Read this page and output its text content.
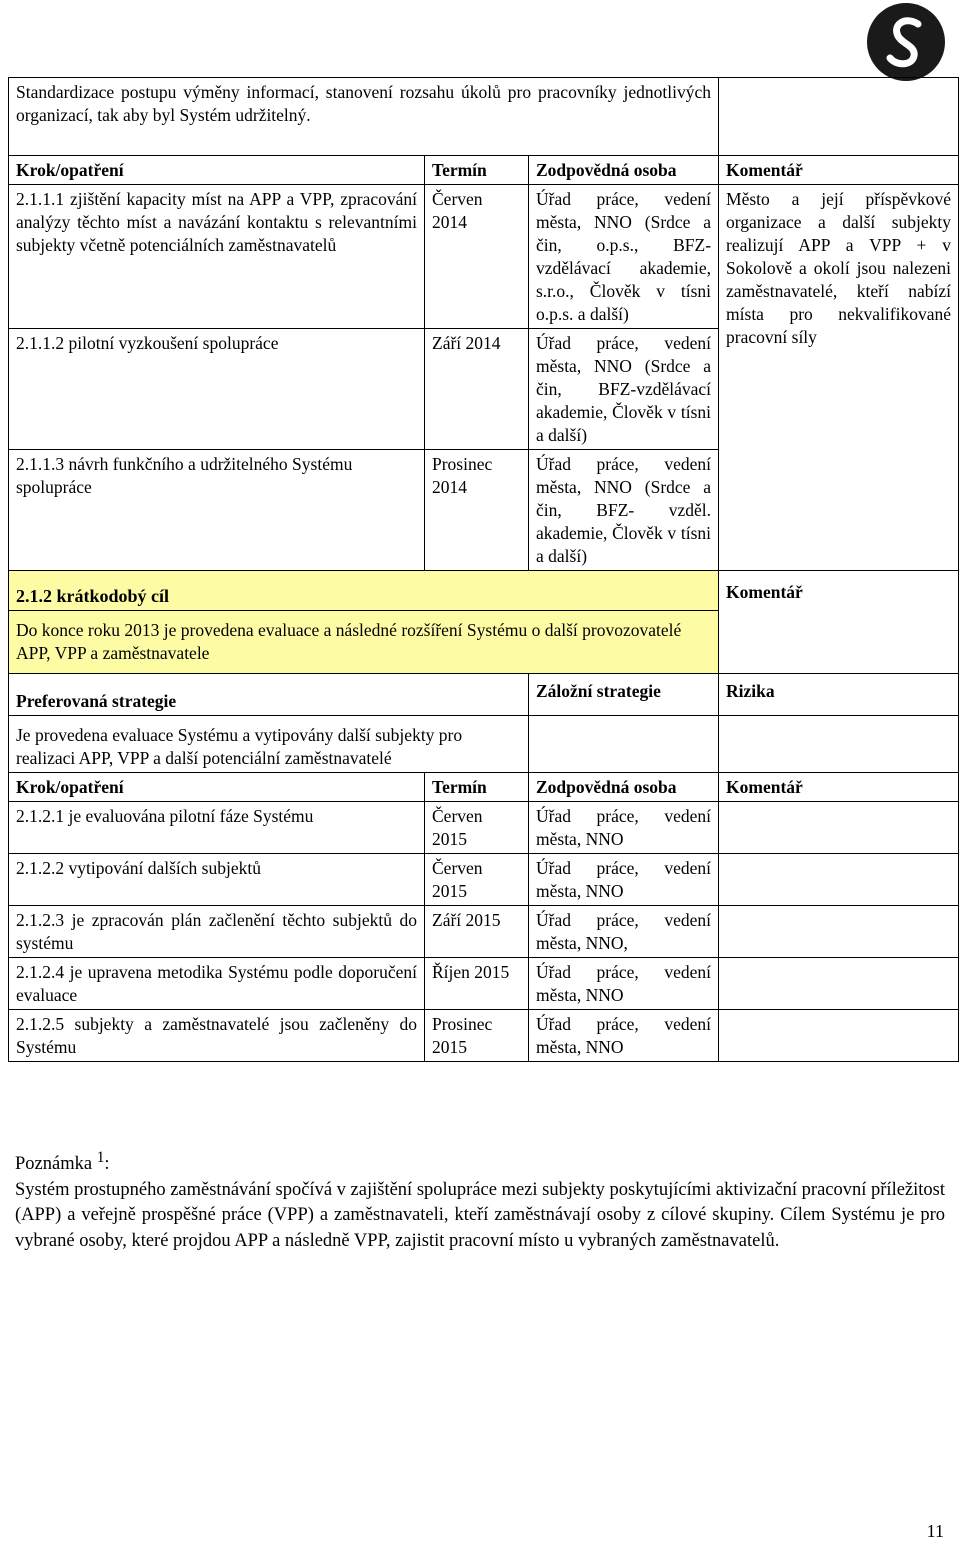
Standardizace postupu výměny informací, stanovení rozsahu úkolů pro pracovníky jednotlivých organizací, tak aby byl Systém udržitelný.			
Krok/opatření	Termín	Zodpovědná osoba	Komentář
2.1.1.1 zjištění kapacity míst na APP a VPP, zpracování analýzy těchto míst a navázání kontaktu s relevantními subjekty včetně potenciálních zaměstnavatelů	Červen 2014	Úřad práce, vedení města, NNO (Srdce a čin, o.p.s., BFZ-vzdělávací akademie, s.r.o., Člověk v tísni o.p.s. a další)	Město a její příspěvkové organizace a další subjekty realizují APP a VPP + v Sokolově a okolí jsou nalezeni zaměstnavatelé, kteří nabízí místa pro nekvalifikované pracovní síly
2.1.1.2 pilotní vyzkoušení spolupráce	Září 2014	Úřad práce, vedení města, NNO (Srdce a čin, BFZ-vzdělávací akademie, Člověk v tísni a další)	
2.1.1.3 návrh funkčního a udržitelného Systému spolupráce	Prosinec 2014	Úřad práce, vedení města, NNO (Srdce a čin, BFZ- vzděl. akademie, Člověk v tísni a další)	
2.1.2 krátkodobý cíl			Komentář
Do konce roku 2013 je provedena evaluace a následné rozšíření Systému o další provozovatelé APP, VPP a zaměstnavatele			
Preferovaná strategie		Záložní strategie	Rizika
Je provedena evaluace Systému a vytipovány další subjekty pro realizaci APP, VPP a další potenciální zaměstnavatelé			
Krok/opatření	Termín	Zodpovědná osoba	Komentář
2.1.2.1 je evaluována pilotní fáze Systému	Červen 2015	Úřad práce, vedení města, NNO	
2.1.2.2 vytipování dalších subjektů	Červen 2015	Úřad práce, vedení města, NNO	
2.1.2.3 je zpracován plán začlenění těchto subjektů do systému	Září 2015	Úřad práce, vedení města, NNO,	
2.1.2.4 je upravena metodika Systému podle doporučení evaluace	Říjen 2015	Úřad práce, vedení města, NNO	
2.1.2.5 subjekty a zaměstnavatelé jsou začleněny do Systému	Prosinec 2015	Úřad práce, vedení města, NNO	
Poznámka $^1$:

Systém prostupného zaměstnávání spočívá v zajištění spolupráce mezi subjekty poskytujícími aktivizační pracovní příležitost (APP) a veřejně prospěšné práce (VPP) a zaměstnavateli, kteří zaměstnávají osoby z cílové skupiny. Cílem Systému je pro vybrané osoby, které projdou APP a následně VPP, zajistit pracovní místo u vybraných zaměstnavatelů.

11
